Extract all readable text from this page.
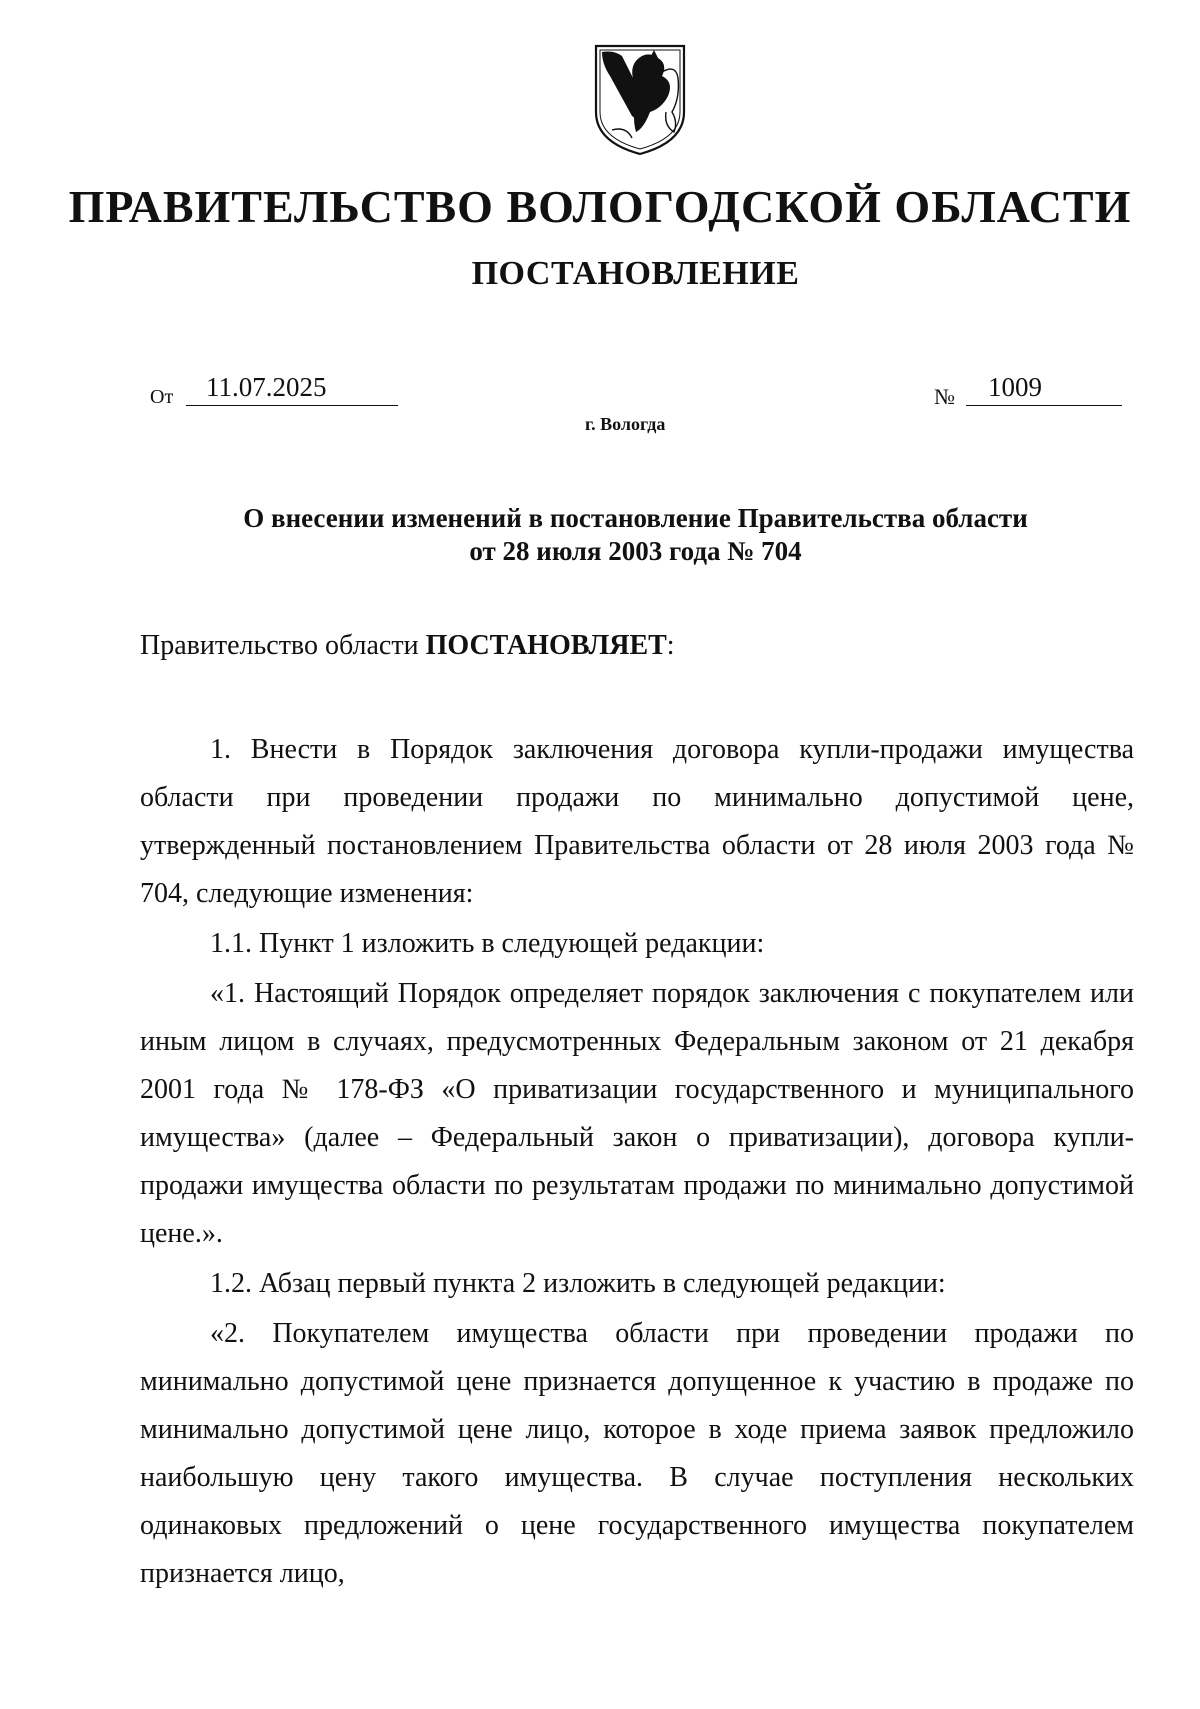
ПРАВИТЕЛЬСТВО ВОЛОГОДСКОЙ ОБЛАСТИ
ПОСТАНОВЛЕНИЕ
От	11.07.2025	№	1009
г. Вологда
О внесении изменений в постановление Правительства области
от 28 июля 2003 года № 704
Правительство области ПОСТАНОВЛЯЕТ:

1. Внести в Порядок заключения договора купли-продажи имущества области при проведении продажи по минимально допустимой цене, утвержденный постановлением Правительства области от 28 июля 2003 года № 704, следующие изменения:

1.1. Пункт 1 изложить в следующей редакции:

«1. Настоящий Порядок определяет порядок заключения с покупателем или иным лицом в случаях, предусмотренных Федеральным законом от 21 декабря 2001 года № 178-ФЗ «О приватизации государственного и муниципального имущества» (далее – Федеральный закон о приватизации), договора купли-продажи имущества области по результатам продажи по минимально допустимой цене.».

1.2. Абзац первый пункта 2 изложить в следующей редакции:

«2. Покупателем имущества области при проведении продажи по минимально допустимой цене признается допущенное к участию в продаже по минимально допустимой цене лицо, которое в ходе приема заявок предложило наибольшую цену такого имущества. В случае поступления нескольких одинаковых предложений о цене государственного имущества покупателем признается лицо,
